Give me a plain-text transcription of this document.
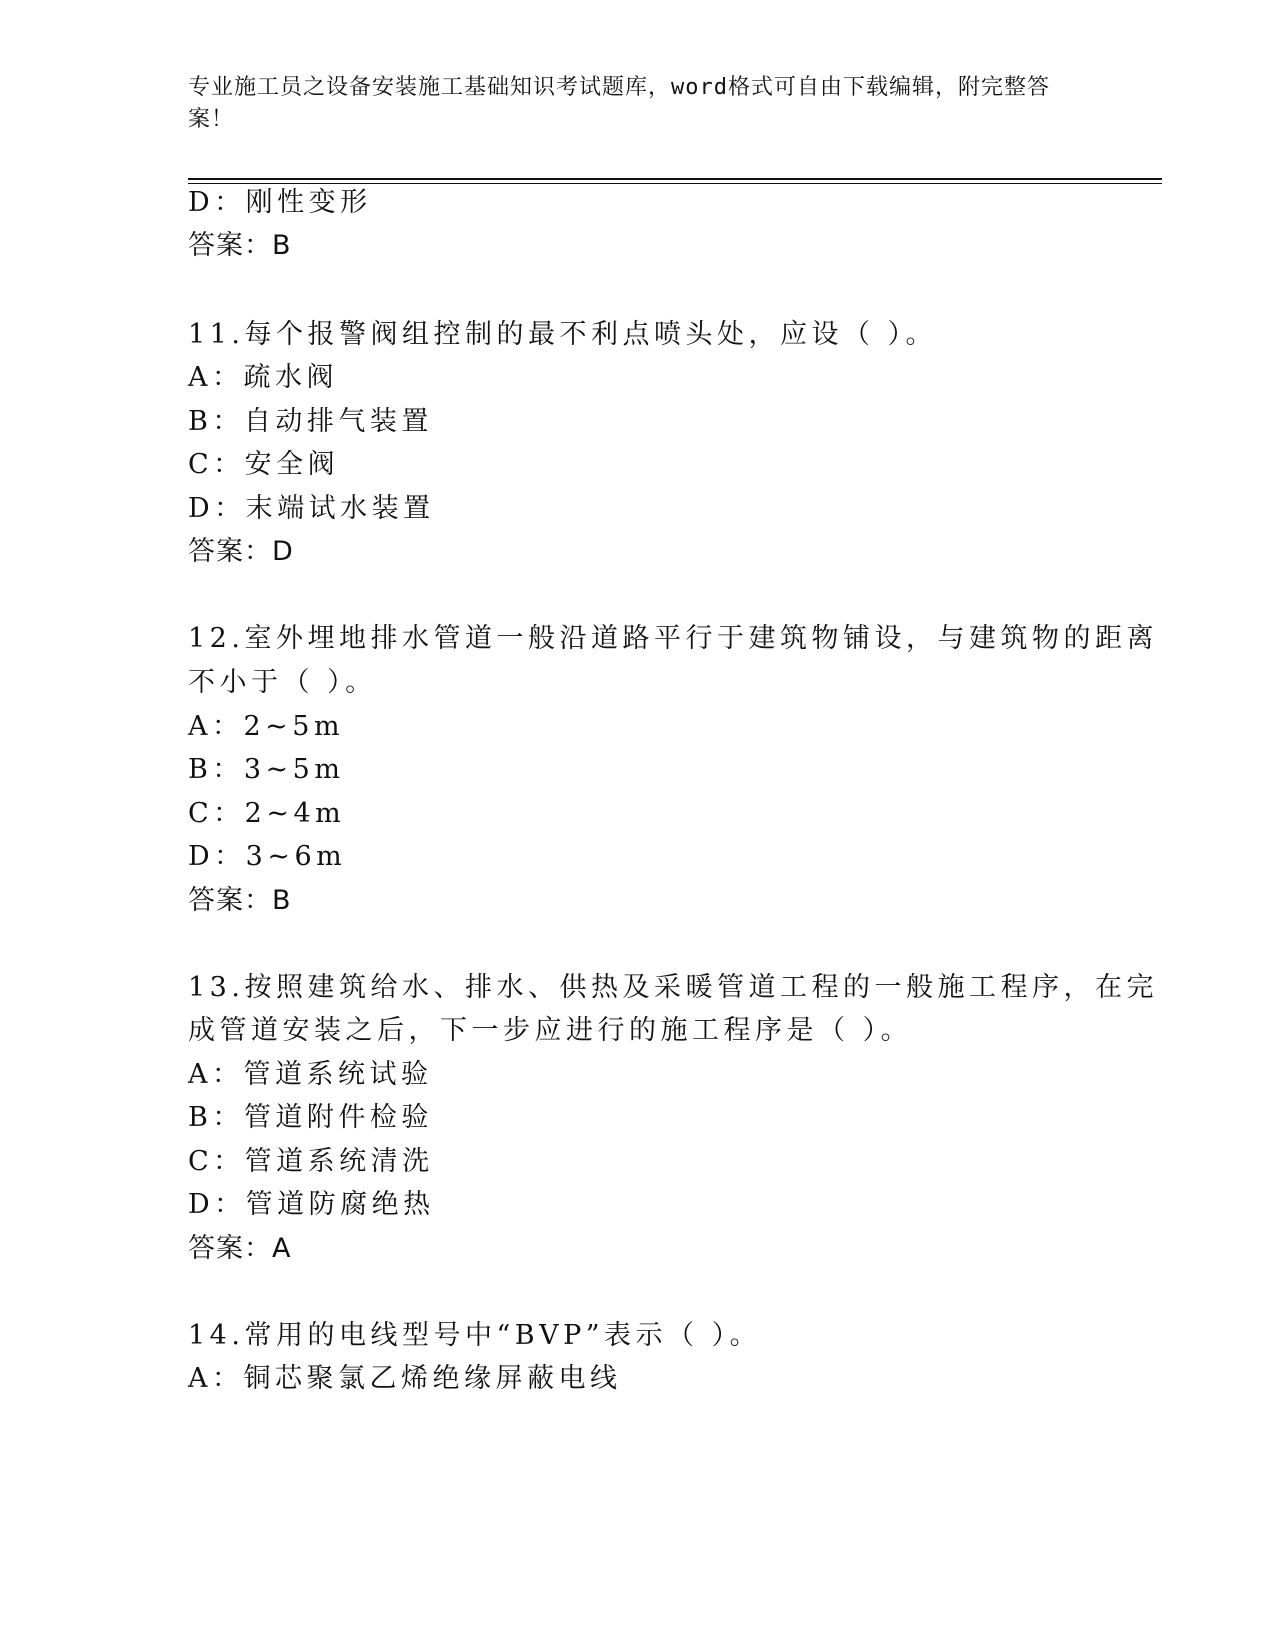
专业施工员之设备安装施工基础知识考试题库，word格式可自由下载编辑，附完整答案！
D：刚性变形
答案：B
11.每个报警阀组控制的最不利点喷头处，应设（ ）。
A：疏水阀
B：自动排气装置
C：安全阀
D：末端试水装置
答案：D
12.室外埋地排水管道一般沿道路平行于建筑物铺设，与建筑物的距离
不小于（ ）。
A：2~5m
B：3~5m
C：2~4m
D：3~6m
答案：B
13.按照建筑给水、排水、供热及采暖管道工程的一般施工程序，在完
成管道安装之后，下一步应进行的施工程序是（ ）。
A：管道系统试验
B：管道附件检验
C：管道系统清洗
D：管道防腐绝热
答案：A
14.常用的电线型号中“BVP”表示（ ）。
A：铜芯聚氯乙烯绝缘屏蔽电线
